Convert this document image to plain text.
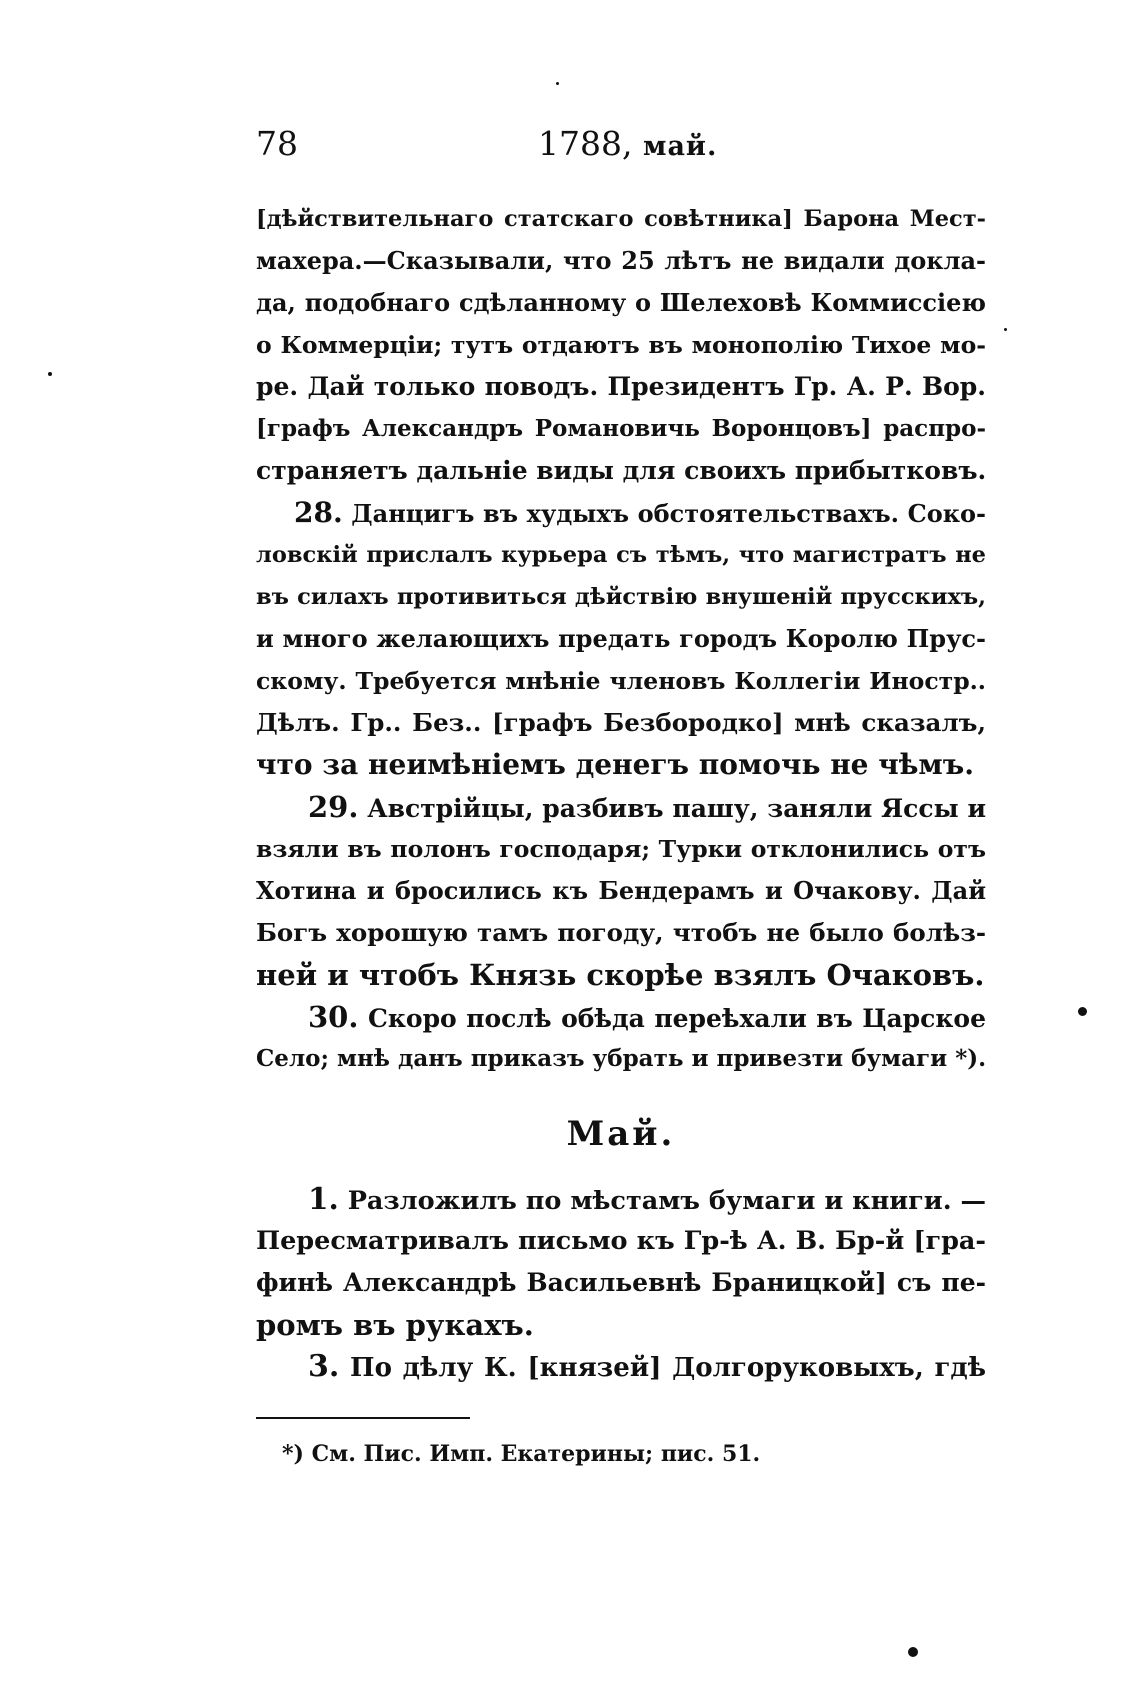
78	1788, май.
[дѣйствительнаго статскаго совѣтника] Барона Мест-
махера.—Сказывали, что 25 лѣтъ не видали докла-
да, подобнаго сдѣланному о Шелеховѣ Коммиссіею
о Коммерціи; тутъ отдаютъ въ монополію Тихое мо-
ре. Дай только поводъ. Президентъ Гр. А. Р. Вор.
[графъ Александръ Романовичь Воронцовъ] распро-
страняетъ дальніе виды для своихъ прибытковъ.
28. Данцигъ въ худыхъ обстоятельствахъ. Соко-
ловскій прислалъ курьера съ тѣмъ, что магистратъ не
въ силахъ противиться дѣйствію внушеній прусскихъ,
и много желающихъ предать городъ Королю Прус-
скому. Требуется мнѣніе членовъ Коллегіи Иностр..
Дѣлъ. Гр.. Без.. [графъ Безбородко] мнѣ сказалъ,
что за неимѣніемъ денегъ помочь не чѣмъ.
29. Австрійцы, разбивъ пашу, заняли Яссы и
взяли въ полонъ господаря; Турки отклонились отъ
Хотина и бросились къ Бендерамъ и Очакову. Дай
Богъ хорошую тамъ погоду, чтобъ не было болѣз-
ней и чтобъ Князь скорѣе взялъ Очаковъ.
30. Скоро послѣ обѣда переѣхали въ Царское
Село; мнѣ данъ приказъ убрать и привезти бумаги *).
Май.
1. Разложилъ по мѣстамъ бумаги и книги. —
Пересматривалъ письмо къ Гр-ѣ А. В. Бр-й [гра-
финѣ Александрѣ Васильевнѣ Браницкой] съ пе-
ромъ въ рукахъ.
3. По дѣлу К. [князей] Долгоруковыхъ, гдѣ
*) См. Пис. Имп. Екатерины; пис. 51.
